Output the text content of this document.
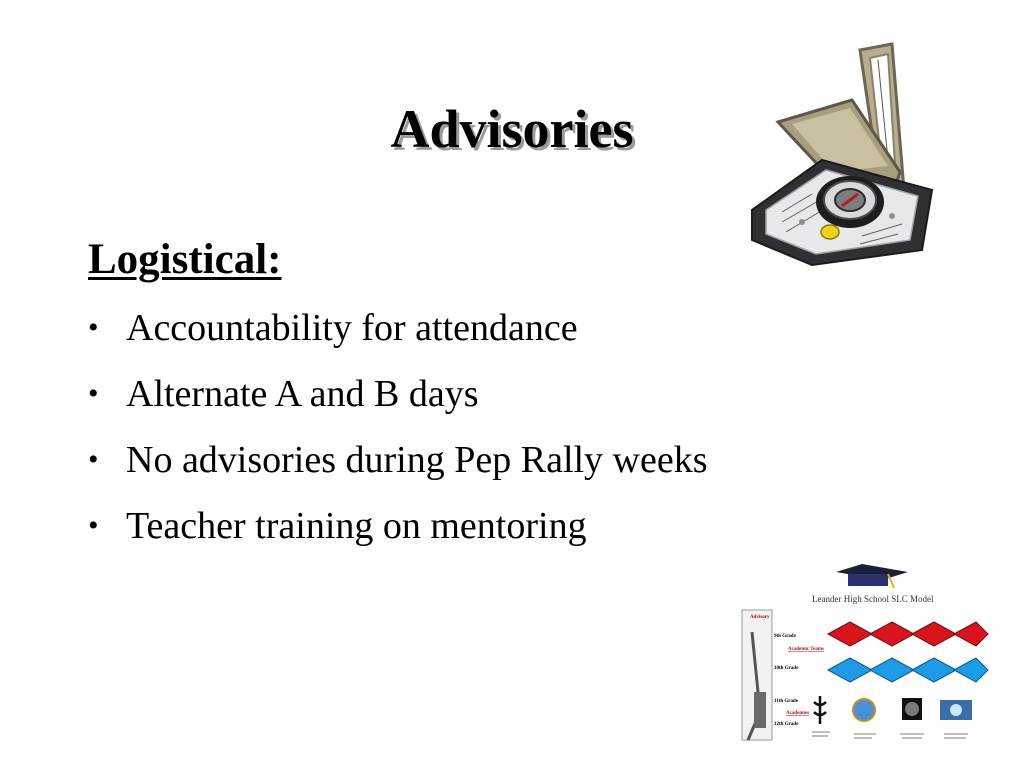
Advisories
Logistical:
• Accountability for attendance
• Alternate A and B days
• No advisories during Pep Rally weeks
• Teacher training on mentoring
Advisory
9th Grade
10th Grade
11th Grade
12th Grade
Academic Teams
Academies
Leander High School SLC Model
